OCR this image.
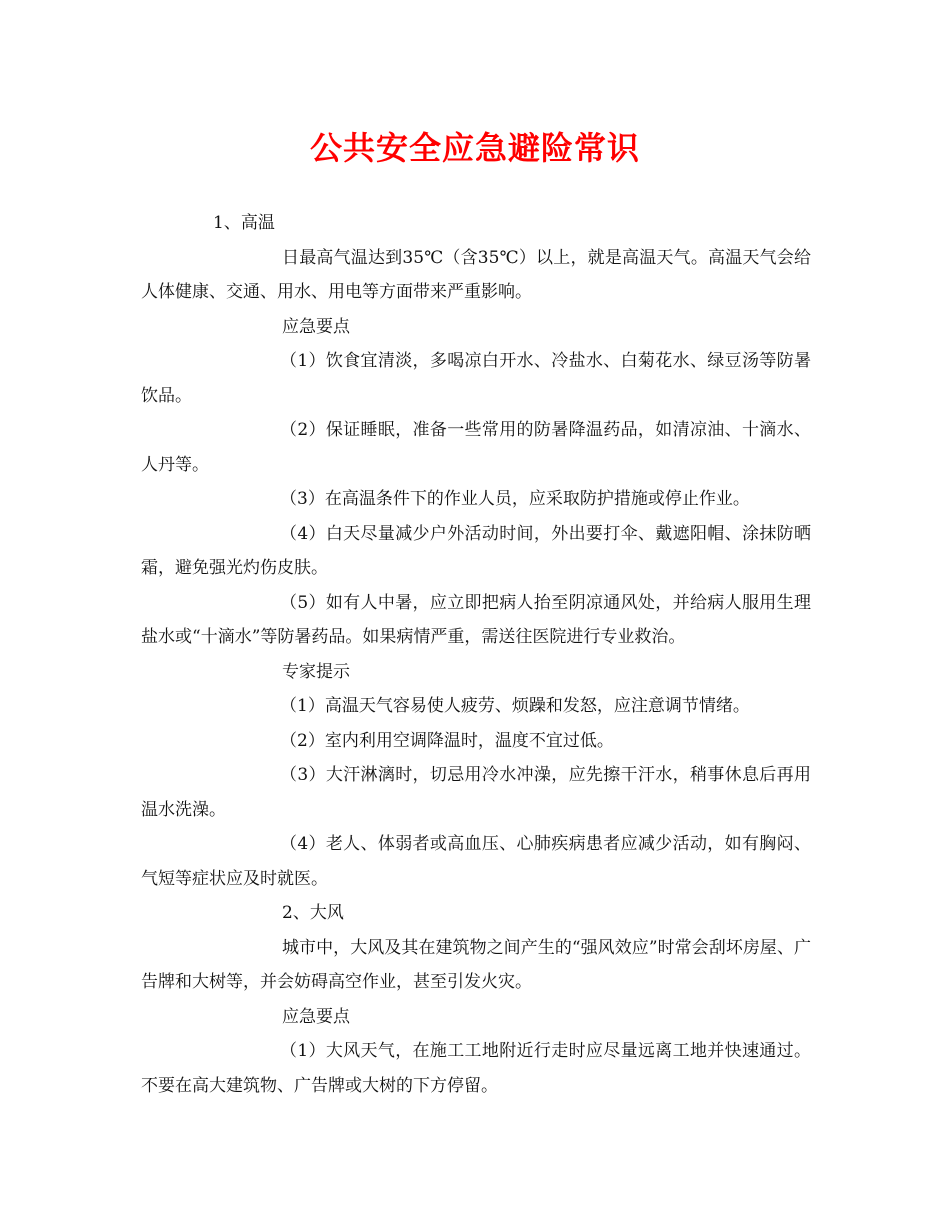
公共安全应急避险常识

1、高温

日最高气温达到35℃（含35℃）以上，就是高温天气。高温天气会给人体健康、交通、用水、用电等方面带来严重影响。

应急要点

（1）饮食宜清淡，多喝凉白开水、冷盐水、白菊花水、绿豆汤等防暑饮品。

（2）保证睡眠，准备一些常用的防暑降温药品，如清凉油、十滴水、人丹等。

（3）在高温条件下的作业人员，应采取防护措施或停止作业。

（4）白天尽量减少户外活动时间，外出要打伞、戴遮阳帽、涂抹防晒霜，避免强光灼伤皮肤。

（5）如有人中暑，应立即把病人抬至阴凉通风处，并给病人服用生理盐水或“十滴水”等防暑药品。如果病情严重，需送往医院进行专业救治。

专家提示

（1）高温天气容易使人疲劳、烦躁和发怒，应注意调节情绪。

（2）室内利用空调降温时，温度不宜过低。

（3）大汗淋漓时，切忌用冷水冲澡，应先擦干汗水，稍事休息后再用温水洗澡。

（4）老人、体弱者或高血压、心肺疾病患者应减少活动，如有胸闷、气短等症状应及时就医。

2、大风

城市中，大风及其在建筑物之间产生的“强风效应”时常会刮坏房屋、广告牌和大树等，并会妨碍高空作业，甚至引发火灾。

应急要点

（1）大风天气，在施工工地附近行走时应尽量远离工地并快速通过。不要在高大建筑物、广告牌或大树的下方停留。
